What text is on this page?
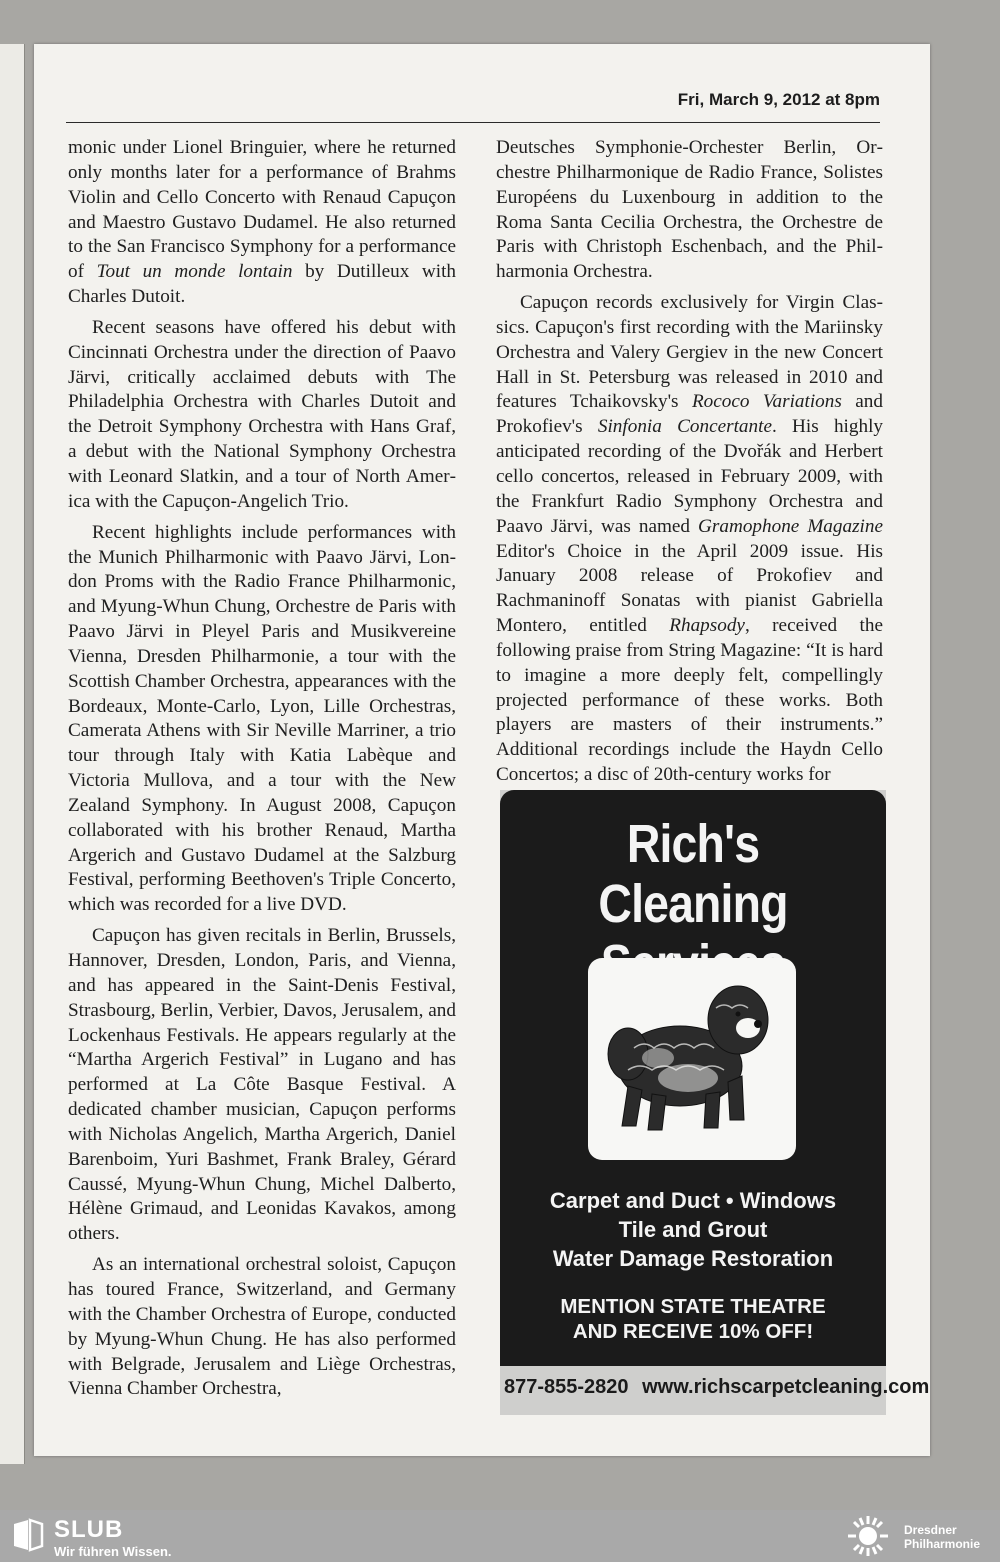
Fri, March 9, 2012 at 8pm

monic under Lionel Bringuier, where he returned only months later for a performance of Brahms Violin and Cello Concerto with Renaud Capuçon and Maestro Gustavo Dudamel. He also returned to the San Francisco Symphony for a performance of Tout un monde lontain by Dutilleux with Charles Dutoit.

Recent seasons have offered his debut with Cincinnati Orchestra under the direction of Paavo Järvi, critically acclaimed debuts with The Philadelphia Orchestra with Charles Dutoit and the Detroit Symphony Orchestra with Hans Graf, a debut with the National Symphony Orchestra with Leonard Slatkin, and a tour of North America with the Capuçon-Angelich Trio.

Recent highlights include performances with the Munich Philharmonic with Paavo Järvi, London Proms with the Radio France Philharmonic, and Myung-Whun Chung, Orchestre de Paris with Paavo Järvi in Pleyel Paris and Musikvereine Vienna, Dresden Philharmonie, a tour with the Scottish Chamber Orchestra, appearances with the Bordeaux, Monte-Carlo, Lyon, Lille Orchestras, Camerata Athens with Sir Neville Marriner, a trio tour through Italy with Katia Labèque and Victoria Mullova, and a tour with the New Zealand Symphony. In August 2008, Capuçon collaborated with his brother Renaud, Martha Argerich and Gustavo Dudamel at the Salzburg Festival, performing Beethoven's Triple Concerto, which was recorded for a live DVD.

Capuçon has given recitals in Berlin, Brussels, Hannover, Dresden, London, Paris, and Vienna, and has appeared in the Saint-Denis Festival, Strasbourg, Berlin, Verbier, Davos, Jerusalem, and Lockenhaus Festivals. He appears regularly at the “Martha Argerich Festival” in Lugano and has performed at La Côte Basque Festival. A dedicated chamber musician, Capuçon performs with Nicholas Angelich, Martha Argerich, Daniel Barenboim, Yuri Bashmet, Frank Braley, Gérard Caussé, Myung-Whun Chung, Michel Dalberto, Hélène Grimaud, and Leonidas Kavakos, among others.

As an international orchestral soloist, Capuçon has toured France, Switzerland, and Germany with the Chamber Orchestra of Europe, conducted by Myung-Whun Chung. He has also performed with Belgrade, Jerusalem and Liège Orchestras, Vienna Chamber Orchestra,

Deutsches Symphonie-Orchester Berlin, Orchestre Philharmonique de Radio France, Solistes Européens du Luxenbourg in addition to the Roma Santa Cecilia Orchestra, the Orchestre de Paris with Christoph Eschenbach, and the Philharmonia Orchestra.

Capuçon records exclusively for Virgin Classics. Capuçon's first recording with the Mariinsky Orchestra and Valery Gergiev in the new Concert Hall in St. Petersburg was released in 2010 and features Tchaikovsky's Rococo Variations and Prokofiev's Sinfonia Concertante. His highly anticipated recording of the Dvořák and Herbert cello concertos, released in February 2009, with the Frankfurt Radio Symphony Orchestra and Paavo Järvi, was named Gramophone Magazine Editor's Choice in the April 2009 issue. His January 2008 release of Prokofiev and Rachmaninoff Sonatas with pianist Gabriella Montero, entitled Rhapsody, received the following praise from String Magazine: “It is hard to imagine a more deeply felt, compellingly projected performance of these works. Both players are masters of their instruments.” Additional recordings include the Haydn Cello Concertos; a disc of 20th-century works for

Rich's Cleaning
Carpet and Duct • Windows
Tile and Grout
Water Damage Restoration
MENTION STATE THEATRE
AND RECEIVE 10% OFF!
877-855-2820 www.richscarpetcleaning.com
SLUB
Wir führen Wissen.
Dresdner
Philharmonie
